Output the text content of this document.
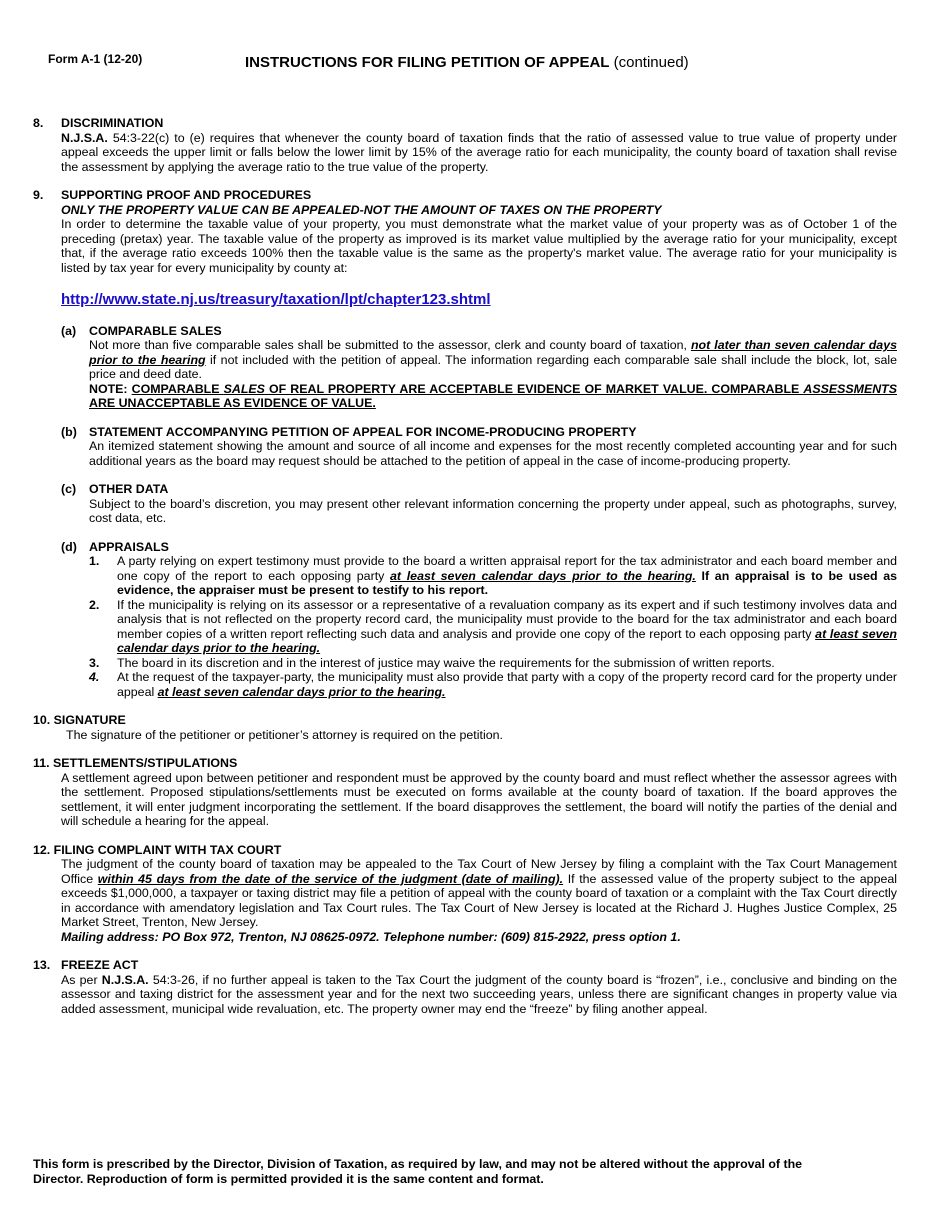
Form A-1 (12-20)	INSTRUCTIONS FOR FILING PETITION OF APPEAL (continued)
8. DISCRIMINATION
N.J.S.A. 54:3-22(c) to (e) requires that whenever the county board of taxation finds that the ratio of assessed value to true value of property under appeal exceeds the upper limit or falls below the lower limit by 15% of the average ratio for each municipality, the county board of taxation shall revise the assessment by applying the average ratio to the true value of the property.
9. SUPPORTING PROOF AND PROCEDURES
ONLY THE PROPERTY VALUE CAN BE APPEALED-NOT THE AMOUNT OF TAXES ON THE PROPERTY
In order to determine the taxable value of your property, you must demonstrate what the market value of your property was as of October 1 of the preceding (pretax) year. The taxable value of the property as improved is its market value multiplied by the average ratio for your municipality, except that, if the average ratio exceeds 100% then the taxable value is the same as the property's market value. The average ratio for your municipality is listed by tax year for every municipality by county at:
http://www.state.nj.us/treasury/taxation/lpt/chapter123.shtml
(a) COMPARABLE SALES
Not more than five comparable sales shall be submitted to the assessor, clerk and county board of taxation, not later than seven calendar days prior to the hearing if not included with the petition of appeal. The information regarding each comparable sale shall include the block, lot, sale price and deed date.
NOTE: COMPARABLE SALES OF REAL PROPERTY ARE ACCEPTABLE EVIDENCE OF MARKET VALUE. COMPARABLE ASSESSMENTS ARE UNACCEPTABLE AS EVIDENCE OF VALUE.
(b) STATEMENT ACCOMPANYING PETITION OF APPEAL FOR INCOME-PRODUCING PROPERTY
An itemized statement showing the amount and source of all income and expenses for the most recently completed accounting year and for such additional years as the board may request should be attached to the petition of appeal in the case of income-producing property.
(c) OTHER DATA
Subject to the board’s discretion, you may present other relevant information concerning the property under appeal, such as photographs, survey, cost data, etc.
(d) APPRAISALS
1. A party relying on expert testimony must provide to the board a written appraisal report for the tax administrator and each board member and one copy of the report to each opposing party at least seven calendar days prior to the hearing. If an appraisal is to be used as evidence, the appraiser must be present to testify to his report.
2. If the municipality is relying on its assessor or a representative of a revaluation company as its expert and if such testimony involves data and analysis that is not reflected on the property record card, the municipality must provide to the board for the tax administrator and each board member copies of a written report reflecting such data and analysis and provide one copy of the report to each opposing party at least seven calendar days prior to the hearing.
3. The board in its discretion and in the interest of justice may waive the requirements for the submission of written reports.
4. At the request of the taxpayer-party, the municipality must also provide that party with a copy of the property record card for the property under appeal at least seven calendar days prior to the hearing.
10. SIGNATURE
The signature of the petitioner or petitioner’s attorney is required on the petition.
11. SETTLEMENTS/STIPULATIONS
A settlement agreed upon between petitioner and respondent must be approved by the county board and must reflect whether the assessor agrees with the settlement. Proposed stipulations/settlements must be executed on forms available at the county board of taxation. If the board approves the settlement, it will enter judgment incorporating the settlement. If the board disapproves the settlement, the board will notify the parties of the denial and will schedule a hearing for the appeal.
12. FILING COMPLAINT WITH TAX COURT
The judgment of the county board of taxation may be appealed to the Tax Court of New Jersey by filing a complaint with the Tax Court Management Office within 45 days from the date of the service of the judgment (date of mailing). If the assessed value of the property subject to the appeal exceeds $1,000,000, a taxpayer or taxing district may file a petition of appeal with the county board of taxation or a complaint with the Tax Court directly in accordance with amendatory legislation and Tax Court rules. The Tax Court of New Jersey is located at the Richard J. Hughes Justice Complex, 25 Market Street, Trenton, New Jersey.
Mailing address: PO Box 972, Trenton, NJ 08625-0972. Telephone number: (609) 815-2922, press option 1.
13. FREEZE ACT
As per N.J.S.A. 54:3-26, if no further appeal is taken to the Tax Court the judgment of the county board is “frozen”, i.e., conclusive and binding on the assessor and taxing district for the assessment year and for the next two succeeding years, unless there are significant changes in property value via added assessment, municipal wide revaluation, etc. The property owner may end the “freeze” by filing another appeal.
This form is prescribed by the Director, Division of Taxation, as required by law, and may not be altered without the approval of the Director. Reproduction of form is permitted provided it is the same content and format.
